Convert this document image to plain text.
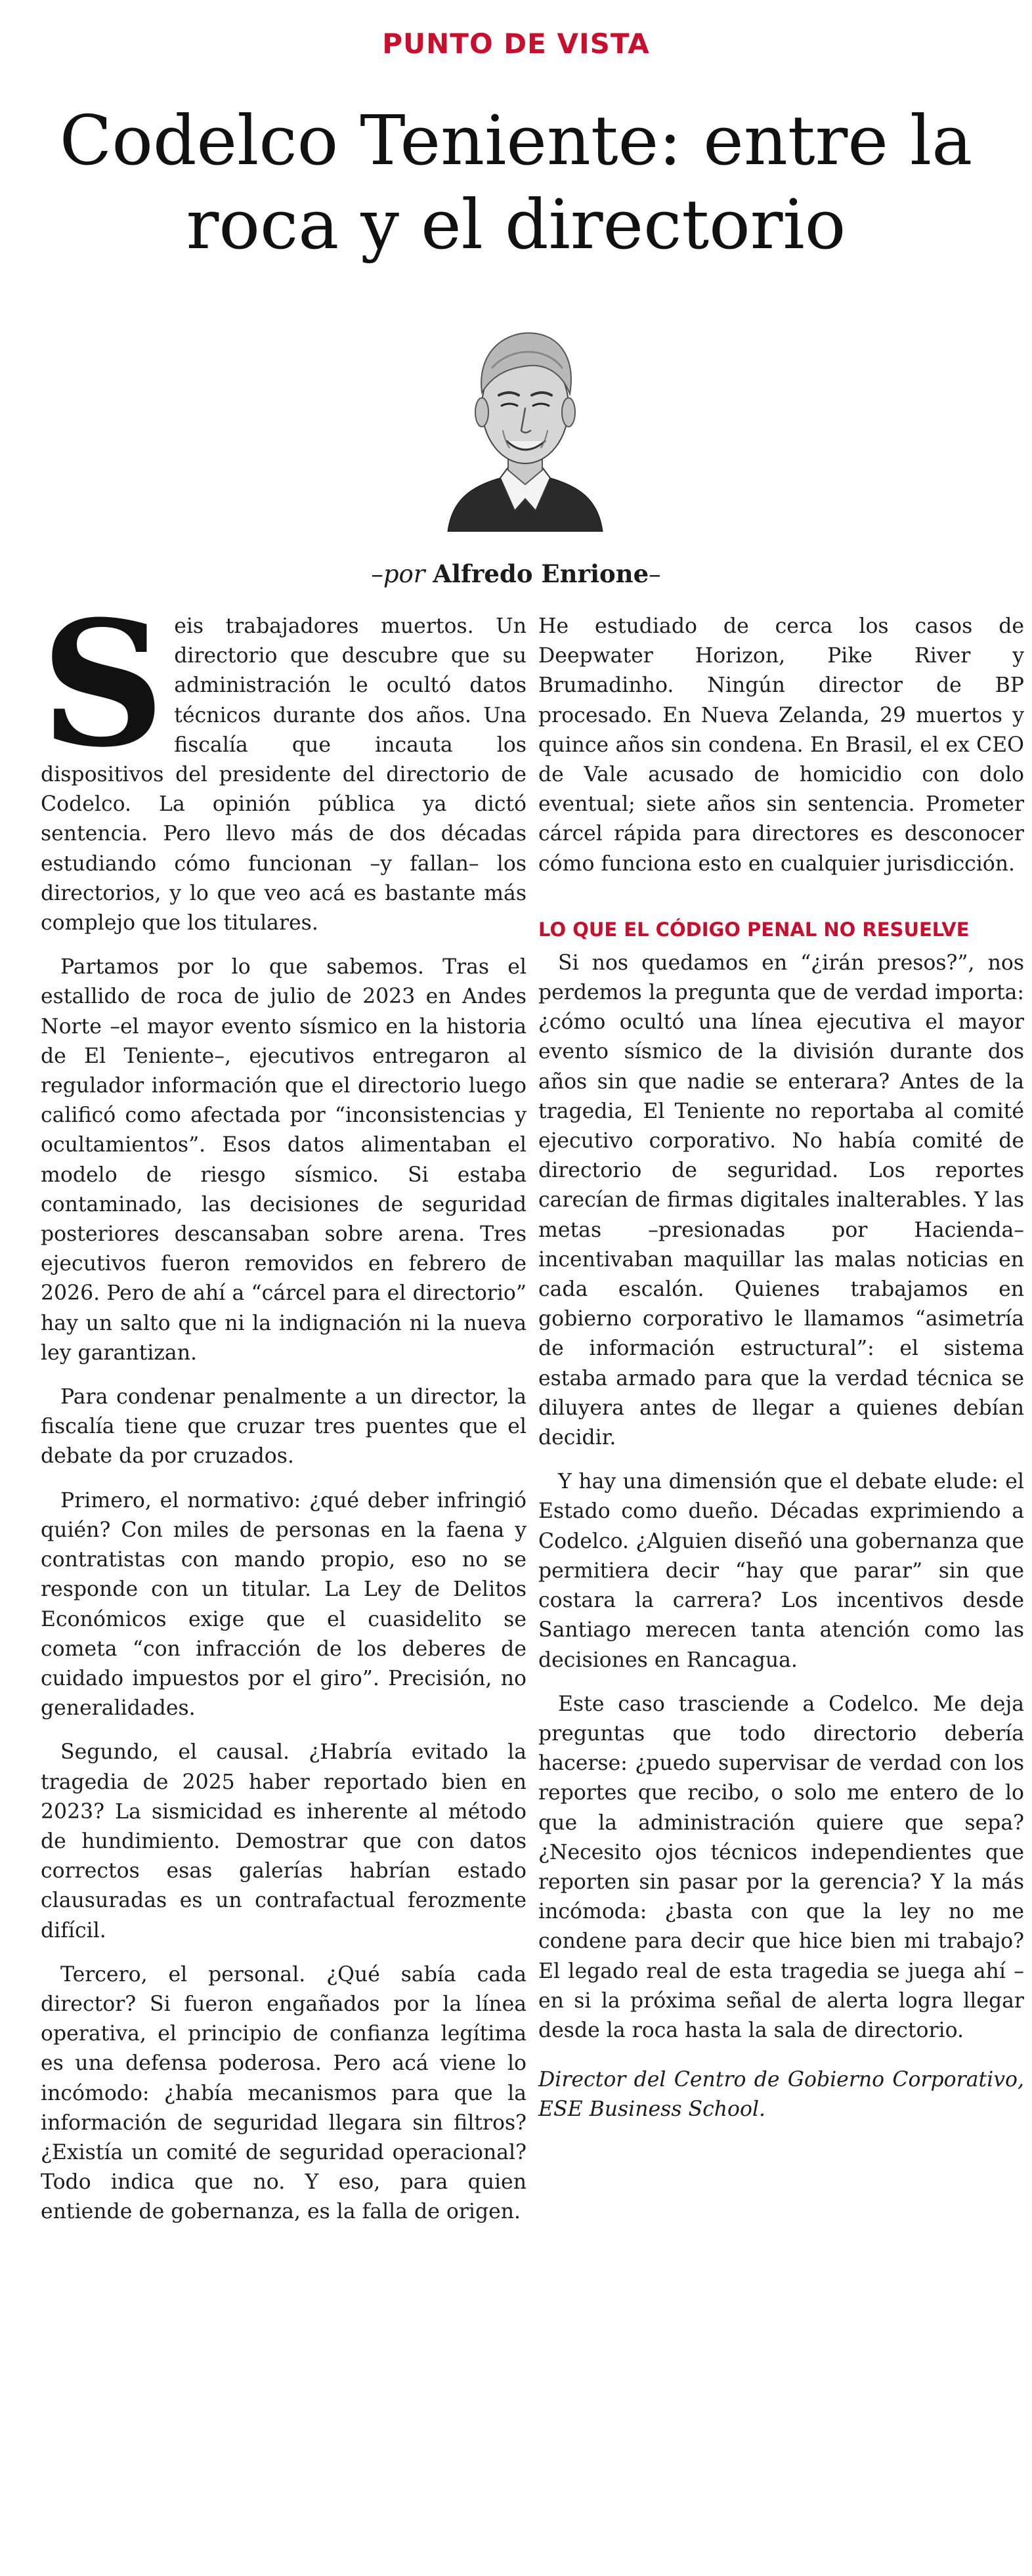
PUNTO DE VISTA
Codelco Teniente: entre la
roca y el directorio
–por Alfredo Enrione–

Seis trabajadores muertos. Un directorio que descubre que su administración le ocultó datos técnicos durante dos años. Una fiscalía que incauta los dispositivos del presidente del directorio de Codelco. La opinión pública ya dictó sentencia. Pero llevo más de dos décadas estudiando cómo funcionan –y fallan– los directorios, y lo que veo acá es bastante más complejo que los titulares.

Partamos por lo que sabemos. Tras el estallido de roca de julio de 2023 en Andes Norte –el mayor evento sísmico en la historia de El Teniente–, ejecutivos entregaron al regulador información que el directorio luego calificó como afectada por “inconsistencias y ocultamientos”. Esos datos alimentaban el modelo de riesgo sísmico. Si estaba contaminado, las decisiones de seguridad posteriores descansaban sobre arena. Tres ejecutivos fueron removidos en febrero de 2026. Pero de ahí a “cárcel para el directorio” hay un salto que ni la indignación ni la nueva ley garantizan.

Para condenar penalmente a un director, la fiscalía tiene que cruzar tres puentes que el debate da por cruzados.

Primero, el normativo: ¿qué deber infringió quién? Con miles de personas en la faena y contratistas con mando propio, eso no se responde con un titular. La Ley de Delitos Económicos exige que el cuasidelito se cometa “con infracción de los deberes de cuidado impuestos por el giro”. Precisión, no generalidades.

Segundo, el causal. ¿Habría evitado la tragedia de 2025 haber reportado bien en 2023? La sismicidad es inherente al método de hundimiento. Demostrar que con datos correctos esas galerías habrían estado clausuradas es un contrafactual ferozmente difícil.

Tercero, el personal. ¿Qué sabía cada director? Si fueron engañados por la línea operativa, el principio de confianza legítima es una defensa poderosa. Pero acá viene lo incómodo: ¿había mecanismos para que la información de seguridad llegara sin filtros? ¿Existía un comité de seguridad operacional? Todo indica que no. Y eso, para quien entiende de gobernanza, es la falla de origen.

He estudiado de cerca los casos de Deepwater Horizon, Pike River y Brumadinho. Ningún director de BP procesado. En Nueva Zelanda, 29 muertos y quince años sin condena. En Brasil, el ex CEO de Vale acusado de homicidio con dolo eventual; siete años sin sentencia. Prometer cárcel rápida para directores es desconocer cómo funciona esto en cualquier jurisdicción.

LO QUE EL CÓDIGO PENAL NO RESUELVE

Si nos quedamos en “¿irán presos?”, nos perdemos la pregunta que de verdad importa: ¿cómo ocultó una línea ejecutiva el mayor evento sísmico de la división durante dos años sin que nadie se enterara? Antes de la tragedia, El Teniente no reportaba al comité ejecutivo corporativo. No había comité de directorio de seguridad. Los reportes carecían de firmas digitales inalterables. Y las metas –presionadas por Hacienda– incentivaban maquillar las malas noticias en cada escalón. Quienes trabajamos en gobierno corporativo le llamamos “asimetría de información estructural”: el sistema estaba armado para que la verdad técnica se diluyera antes de llegar a quienes debían decidir.

Y hay una dimensión que el debate elude: el Estado como dueño. Décadas exprimiendo a Codelco. ¿Alguien diseñó una gobernanza que permitiera decir “hay que parar” sin que costara la carrera? Los incentivos desde Santiago merecen tanta atención como las decisiones en Rancagua.

Este caso trasciende a Codelco. Me deja preguntas que todo directorio debería hacerse: ¿puedo supervisar de verdad con los reportes que recibo, o solo me entero de lo que la administración quiere que sepa? ¿Necesito ojos técnicos independientes que reporten sin pasar por la gerencia? Y la más incómoda: ¿basta con que la ley no me condene para decir que hice bien mi trabajo? El legado real de esta tragedia se juega ahí –en si la próxima señal de alerta logra llegar desde la roca hasta la sala de directorio.

Director del Centro de Gobierno Corporativo, ESE Business School.
